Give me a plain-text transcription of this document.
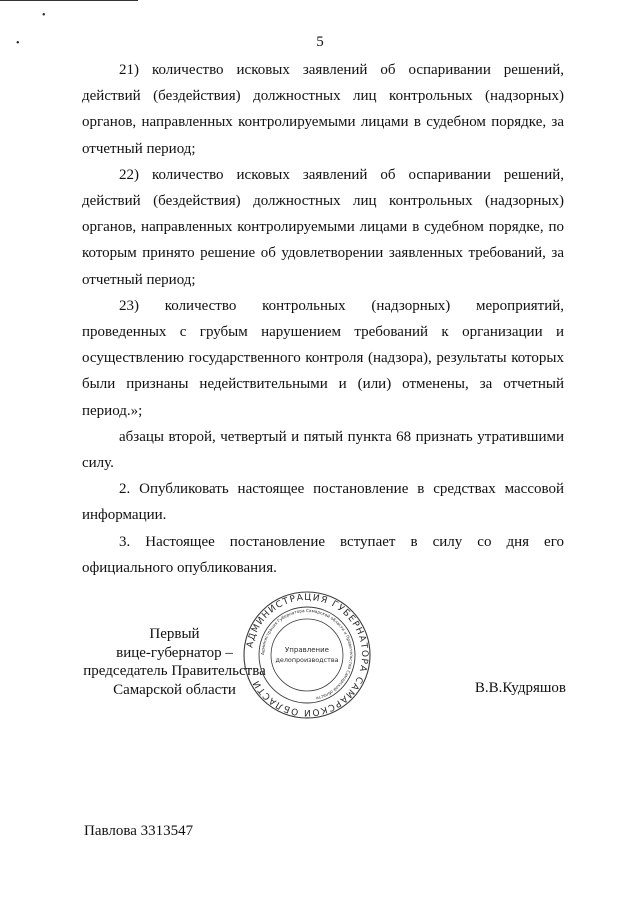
•
•	5

21) количество исковых заявлений об оспаривании решений, действий (бездействия) должностных лиц контрольных (надзорных) органов, направленных контролируемыми лицами в судебном порядке, за отчетный период;

22) количество исковых заявлений об оспаривании решений, действий (бездействия) должностных лиц контрольных (надзорных) органов, направленных контролируемыми лицами в судебном порядке, по которым принято решение об удовлетворении заявленных требований, за отчетный период;

23) количество контрольных (надзорных) мероприятий, проведенных с грубым нарушением требований к организации и осуществлению государственного контроля (надзора), результаты которых были признаны недействительными и (или) отменены, за отчетный период.»;

абзацы второй, четвертый и пятый пункта 68 признать утратившими силу.

2. Опубликовать настоящее постановление в средствах массовой информации.

3. Настоящее постановление вступает в силу со дня его официального опубликования.

Первый
вице-губернатор –
председатель Правительства
Самарской области
АДМИНИСТРАЦИЯ ГУБЕРНАТОРА САМАРСКОЙ ОБЛАСТИ
Администрация Губернатора Самарской области и Правительства Самарской области
Управление
делопроизводства
В.В.Кудряшов
Павлова 3313547
